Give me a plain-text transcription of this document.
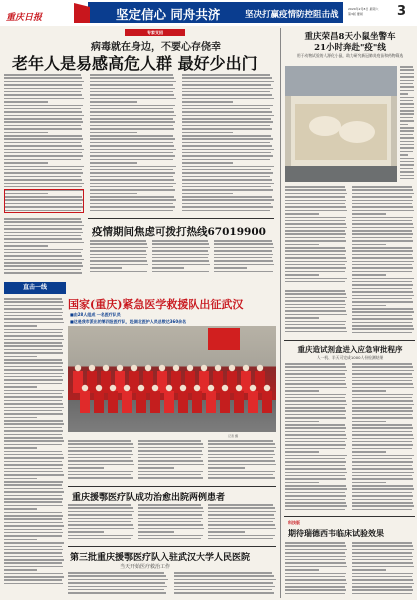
重庆日报	坚定信心 同舟共济	坚决打赢疫情防控阻击战
2020年2月8日 星期六
第3版 要闻	3
专家支招
病毒就在身边，不要心存侥幸
老年人是易感高危人群 最好少出门
疫情期间焦虑可拨打热线67019900
直击一线
国家(重庆)紧急医学救援队出征武汉
■由28人组成 一名医疗队员
■这是我市派出的第四批医疗队，赴湖北医护人员总数达360余名
记者 摄
重庆援鄂医疗队成功治愈出院两例患者
第三批重庆援鄂医疗队入驻武汉大学人民医院
当天开始医疗救治工作
重庆荣昌8天小鼠坐警车
21小时奔赴"疫"线
用于动物试验的人源化小鼠，助力研究新冠肺炎疫苗和药物筛选
重庆造试剂盒进入应急审批程序
人一机、半天可完成1000人份检测结果
科技版
期待瑞德西韦临床试验效果
